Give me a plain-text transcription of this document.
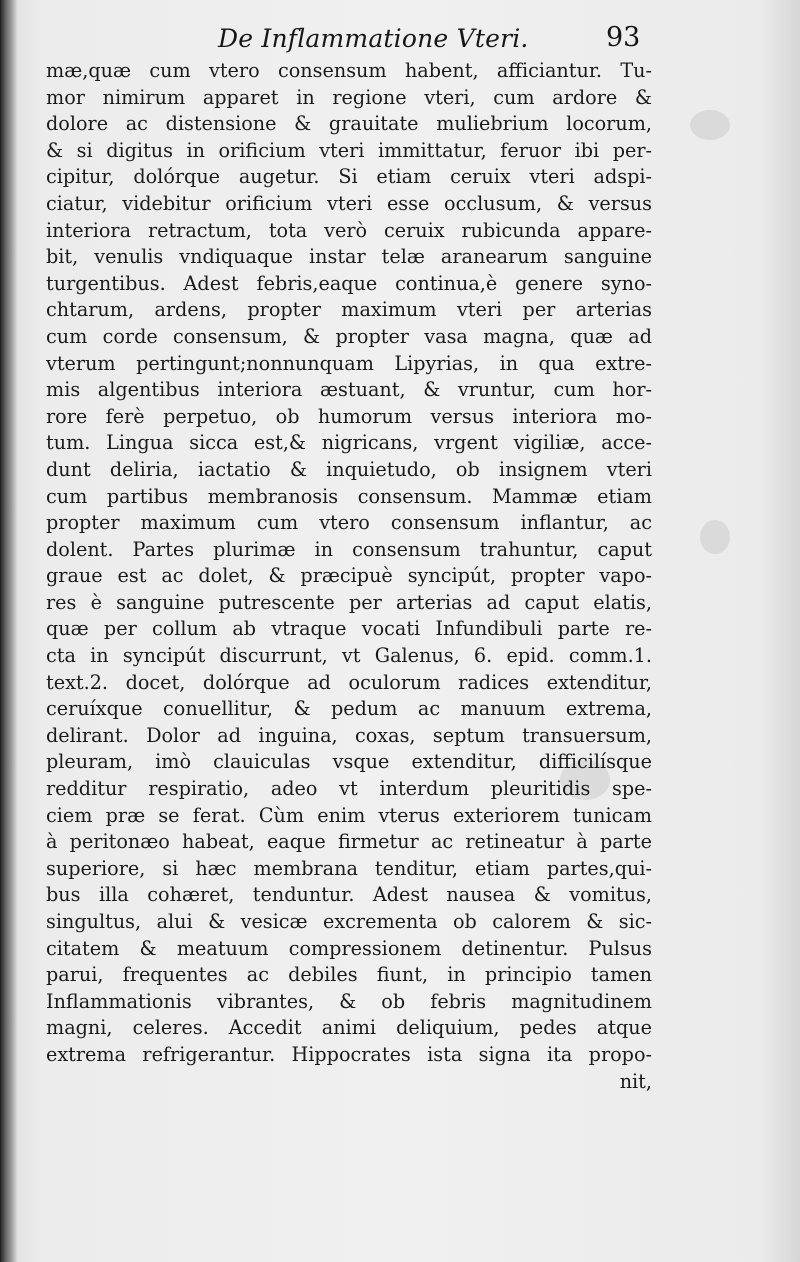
De Inflammatione Vteri.	93
mæ,quæ cum vtero consensum habent, afficiantur. Tu-
mor nimirum apparet in regione vteri, cum ardore &
dolore ac distensione & grauitate muliebrium locorum,
& si digitus in orificium vteri immittatur, feruor ibi per-
cipitur, dolórque augetur. Si etiam ceruix vteri adspi-
ciatur, videbitur orificium vteri esse occlusum, & versus
interiora retractum, tota verò ceruix rubicunda appare-
bit, venulis vndiquaque instar telæ aranearum sanguine
turgentibus. Adest febris,eaque continua,è genere syno-
chtarum, ardens, propter maximum vteri per arterias
cum corde consensum, & propter vasa magna, quæ ad
vterum pertingunt;nonnunquam Lipyrias, in qua extre-
mis algentibus interiora æstuant, & vruntur, cum hor-
rore ferè perpetuo, ob humorum versus interiora mo-
tum. Lingua sicca est,& nigricans, vrgent vigiliæ, acce-
dunt deliria, iactatio & inquietudo, ob insignem vteri
cum partibus membranosis consensum. Mammæ etiam
propter maximum cum vtero consensum inflantur, ac
dolent. Partes plurimæ in consensum trahuntur, caput
graue est ac dolet, & præcipuè syncipút, propter vapo-
res è sanguine putrescente per arterias ad caput elatis,
quæ per collum ab vtraque vocati Infundibuli parte re-
cta in syncipút discurrunt, vt Galenus, 6. epid. comm.1.
text.2. docet, dolórque ad oculorum radices extenditur,
ceruíxque conuellitur, & pedum ac manuum extrema,
delirant. Dolor ad inguina, coxas, septum transuersum,
pleuram, imò clauiculas vsque extenditur, difficilísque
redditur respiratio, adeo vt interdum pleuritidis spe-
ciem præ se ferat. Cùm enim vterus exteriorem tunicam
à peritonæo habeat, eaque firmetur ac retineatur à parte
superiore, si hæc membrana tenditur, etiam partes,qui-
bus illa cohæret, tenduntur. Adest nausea & vomitus,
singultus, alui & vesicæ excrementa ob calorem & sic-
citatem & meatuum compressionem detinentur. Pulsus
parui, frequentes ac debiles fiunt, in principio tamen
Inflammationis vibrantes, & ob febris magnitudinem
magni, celeres. Accedit animi deliquium, pedes atque
extrema refrigerantur. Hippocrates ista signa ita propo-
nit,
